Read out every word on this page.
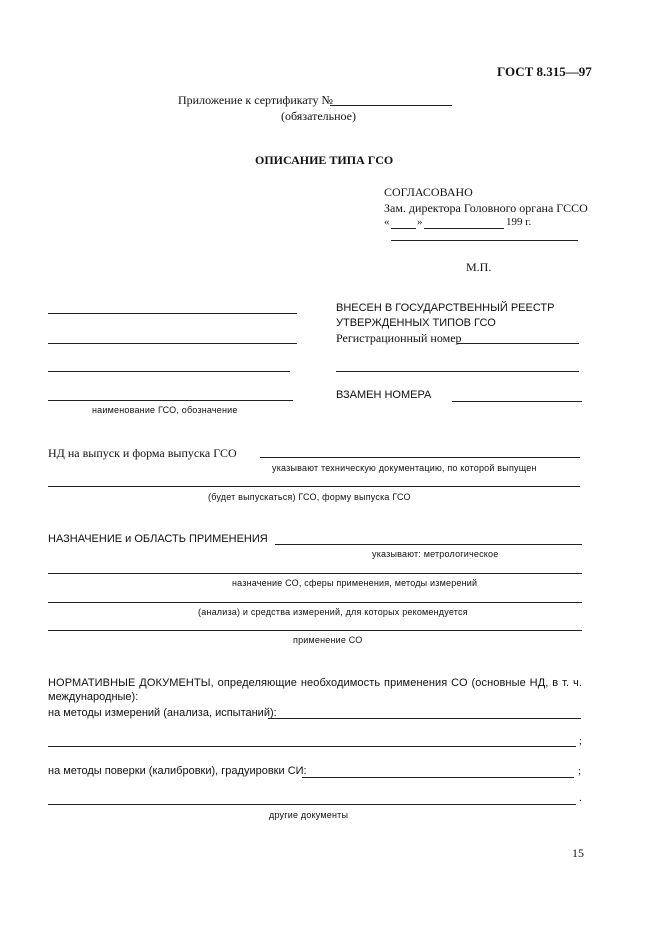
ГОСТ 8.315—97
Приложение к сертификату №
(обязательное)
ОПИСАНИЕ ТИПА ГСО
СОГЛАСОВАНО
Зам. директора Головного органа ГССО
«	»	199 г.
М.П.
наименование ГСО, обозначение
ВНЕСЕН В ГОСУДАРСТВЕННЫЙ РЕЕСТР
УТВЕРЖДЕННЫХ ТИПОВ ГСО
Регистрационный номер
ВЗАМЕН НОМЕРА
НД на выпуск и форма выпуска ГСО
указывают техническую документацию, по которой выпущен
(будет выпускаться) ГСО, форму выпуска ГСО
НАЗНАЧЕНИЕ и ОБЛАСТЬ ПРИМЕНЕНИЯ
указывают: метрологическое
назначение СО, сферы применения, методы измерений
(анализа) и средства измерений, для которых рекомендуется
применение СО
НОРМАТИВНЫЕ ДОКУМЕНТЫ, определяющие необходимость применения СО (основные НД, в т. ч.
международные):
на методы измерений (анализа, испытаний):
;
на методы поверки (калибровки), градуировки СИ:	;
.
другие документы
15
